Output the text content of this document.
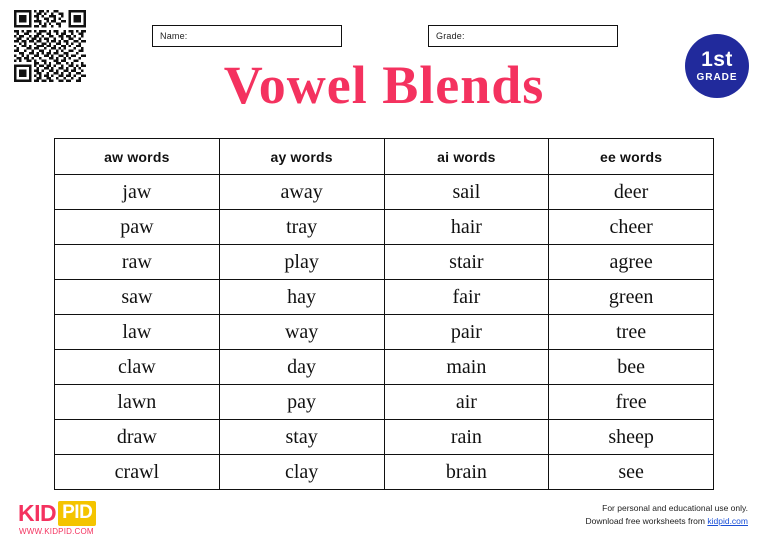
Name:	Grade:
1st
GRADE
Vowel Blends
aw words	ay words	ai words	ee words
jaw	away	sail	deer
paw	tray	hair	cheer
raw	play	stair	agree
saw	hay	fair	green
law	way	pair	tree
claw	day	main	bee
lawn	pay	air	free
draw	stay	rain	sheep
crawl	clay	brain	see
KID PID
WWW.KIDPID.COM
For personal and educational use only.
Download free worksheets from kidpid.com
